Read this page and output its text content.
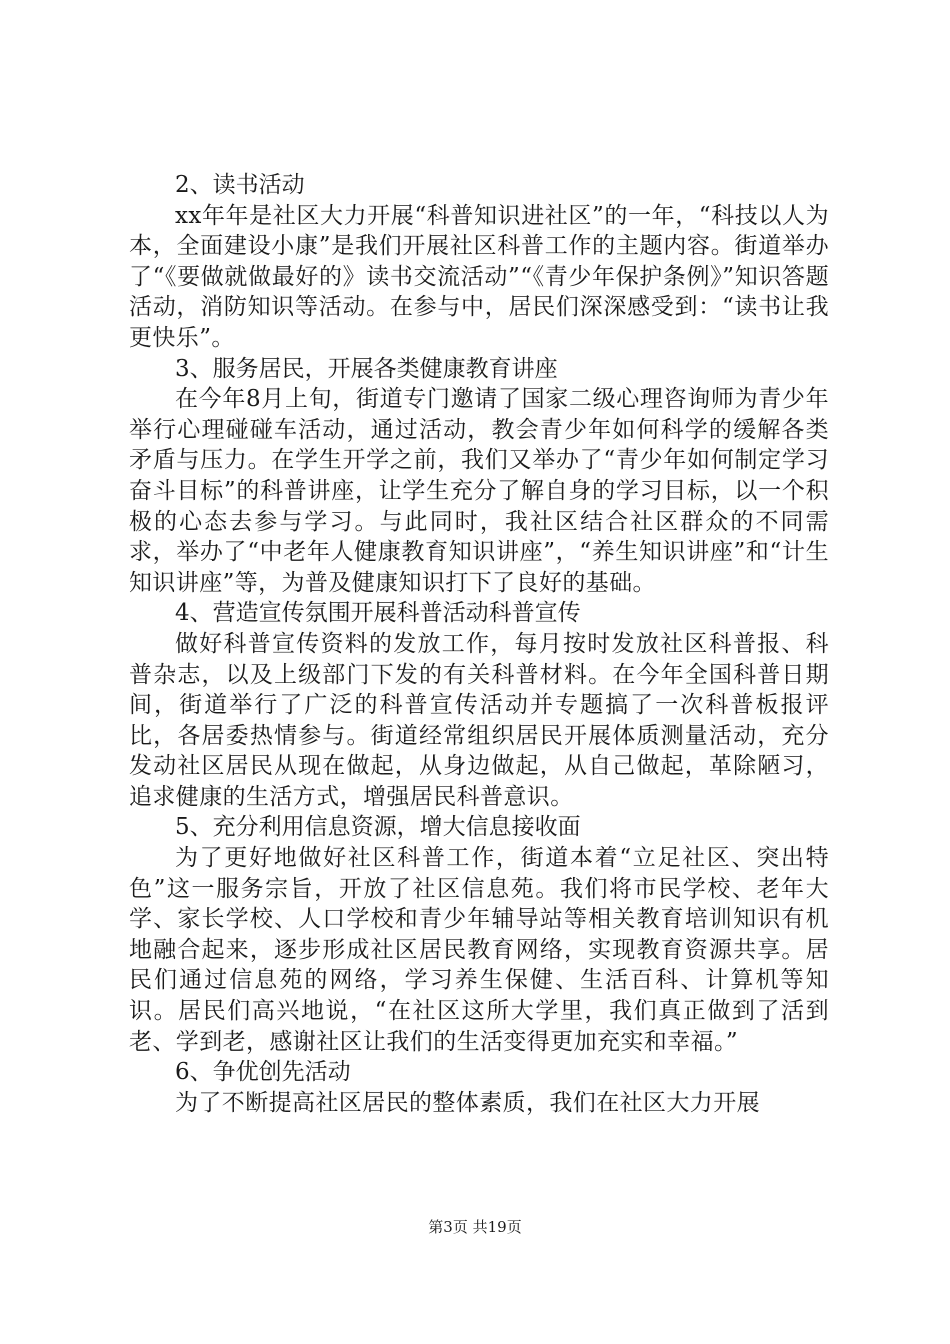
2、读书活动

xx年年是社区大力开展“科普知识进社区”的一年，“科技以人为本，全面建设小康”是我们开展社区科普工作的主题内容。街道举办了“《要做就做最好的》读书交流活动”“《青少年保护条例》”知识答题活动，消防知识等活动。在参与中，居民们深深感受到：“读书让我更快乐”。

3、服务居民，开展各类健康教育讲座

在今年8月上旬，街道专门邀请了国家二级心理咨询师为青少年举行心理碰碰车活动，通过活动，教会青少年如何科学的缓解各类矛盾与压力。在学生开学之前，我们又举办了“青少年如何制定学习奋斗目标”的科普讲座，让学生充分了解自身的学习目标，以一个积极的心态去参与学习。与此同时，我社区结合社区群众的不同需求，举办了“中老年人健康教育知识讲座”，“养生知识讲座”和“计生知识讲座”等，为普及健康知识打下了良好的基础。

4、营造宣传氛围开展科普活动科普宣传

做好科普宣传资料的发放工作，每月按时发放社区科普报、科普杂志，以及上级部门下发的有关科普材料。在今年全国科普日期间，街道举行了广泛的科普宣传活动并专题搞了一次科普板报评比，各居委热情参与。街道经常组织居民开展体质测量活动，充分发动社区居民从现在做起，从身边做起，从自己做起，革除陋习，追求健康的生活方式，增强居民科普意识。

5、充分利用信息资源，增大信息接收面

为了更好地做好社区科普工作，街道本着“立足社区、突出特色”这一服务宗旨，开放了社区信息苑。我们将市民学校、老年大学、家长学校、人口学校和青少年辅导站等相关教育培训知识有机地融合起来，逐步形成社区居民教育网络，实现教育资源共享。居民们通过信息苑的网络，学习养生保健、生活百科、计算机等知识。居民们高兴地说，“在社区这所大学里，我们真正做到了活到老、学到老，感谢社区让我们的生活变得更加充实和幸福。”

6、争优创先活动

为了不断提高社区居民的整体素质，我们在社区大力开展

第3页 共19页
